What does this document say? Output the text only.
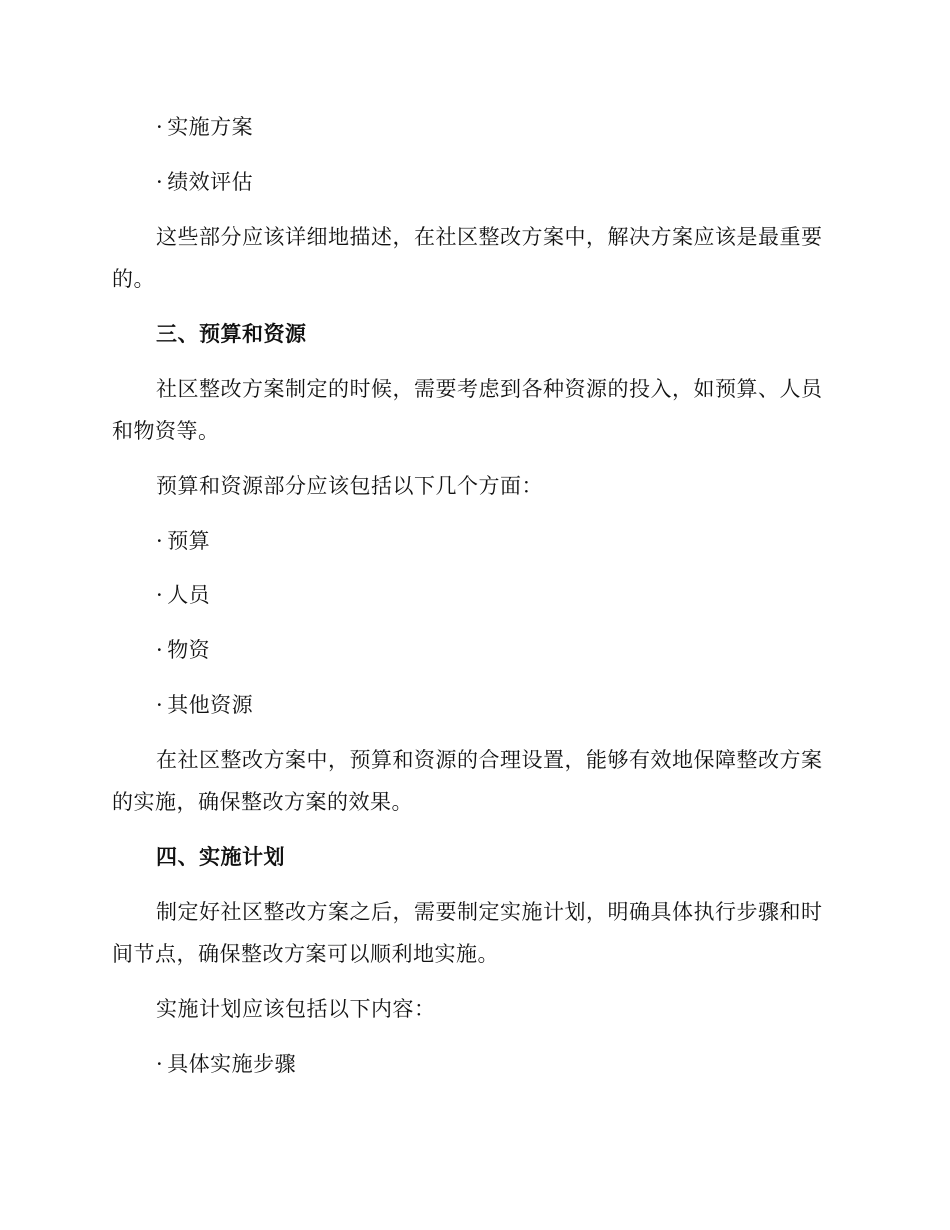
· 实施方案
· 绩效评估
这些部分应该详细地描述，在社区整改方案中，解决方案应该是最重要
的。
三、预算和资源
社区整改方案制定的时候，需要考虑到各种资源的投入，如预算、人员
和物资等。
预算和资源部分应该包括以下几个方面：
· 预算
· 人员
· 物资
· 其他资源
在社区整改方案中，预算和资源的合理设置，能够有效地保障整改方案
的实施，确保整改方案的效果。
四、实施计划
制定好社区整改方案之后，需要制定实施计划，明确具体执行步骤和时
间节点，确保整改方案可以顺利地实施。
实施计划应该包括以下内容：
· 具体实施步骤
